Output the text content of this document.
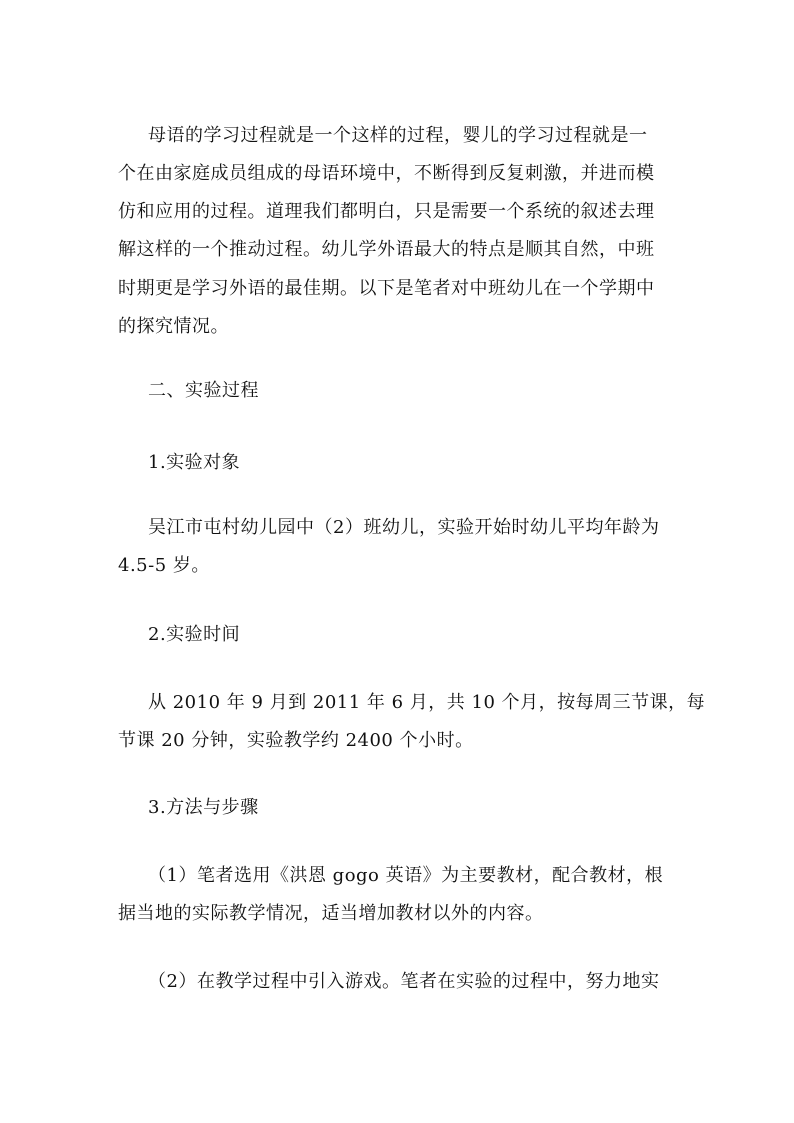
母语的学习过程就是一个这样的过程，婴儿的学习过程就是一
个在由家庭成员组成的母语环境中，不断得到反复刺激，并进而模
仿和应用的过程。道理我们都明白，只是需要一个系统的叙述去理
解这样的一个推动过程。幼儿学外语最大的特点是顺其自然，中班
时期更是学习外语的最佳期。以下是笔者对中班幼儿在一个学期中
的探究情况。
二、实验过程
1.实验对象
吴江市屯村幼儿园中（2）班幼儿，实验开始时幼儿平均年龄为
4.5-5 岁。
2.实验时间
从 2010 年 9 月到 2011 年 6 月，共 10 个月，按每周三节课，每
节课 20 分钟，实验教学约 2400 个小时。
3.方法与步骤
（1）笔者选用《洪恩 gogo 英语》为主要教材，配合教材，根
据当地的实际教学情况，适当增加教材以外的内容。
（2）在教学过程中引入游戏。笔者在实验的过程中，努力地实
